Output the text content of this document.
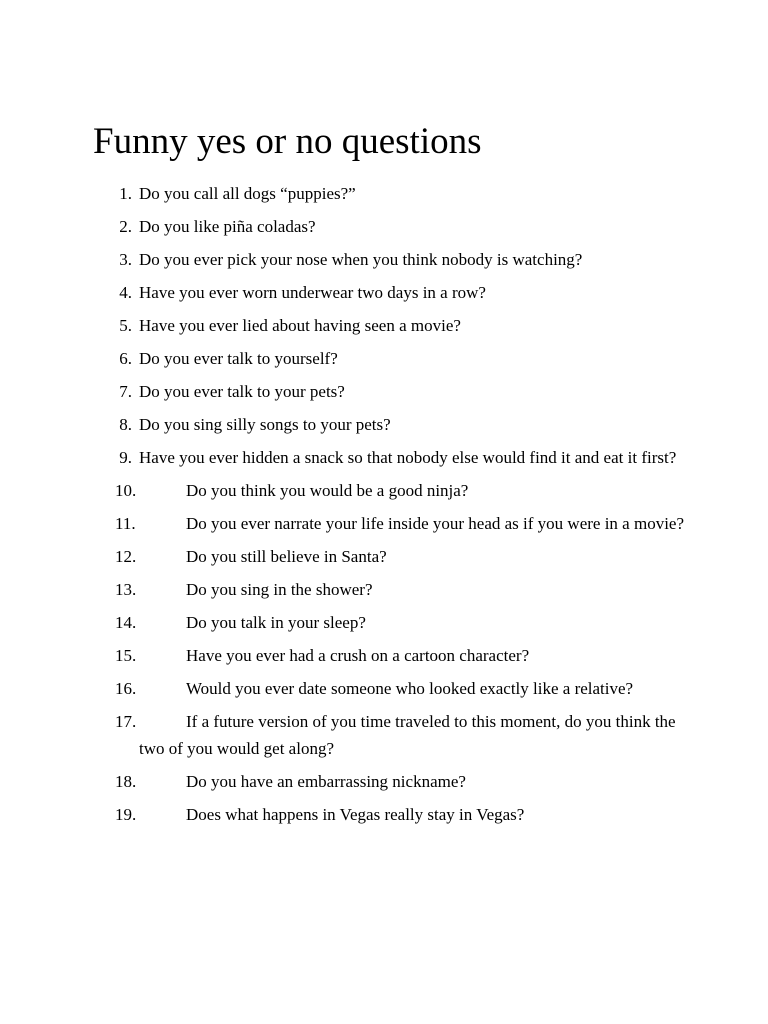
Funny yes or no questions
1. Do you call all dogs “puppies?”
2. Do you like piña coladas?
3. Do you ever pick your nose when you think nobody is watching?
4. Have you ever worn underwear two days in a row?
5. Have you ever lied about having seen a movie?
6. Do you ever talk to yourself?
7. Do you ever talk to your pets?
8. Do you sing silly songs to your pets?
9. Have you ever hidden a snack so that nobody else would find it and eat it first?
10.	Do you think you would be a good ninja?
11.	Do you ever narrate your life inside your head as if you were in a movie?
12.	Do you still believe in Santa?
13.	Do you sing in the shower?
14.	Do you talk in your sleep?
15.	Have you ever had a crush on a cartoon character?
16.	Would you ever date someone who looked exactly like a relative?
17.	If a future version of you time traveled to this moment, do you think the two of you would get along?
18.	Do you have an embarrassing nickname?
19.	Does what happens in Vegas really stay in Vegas?
